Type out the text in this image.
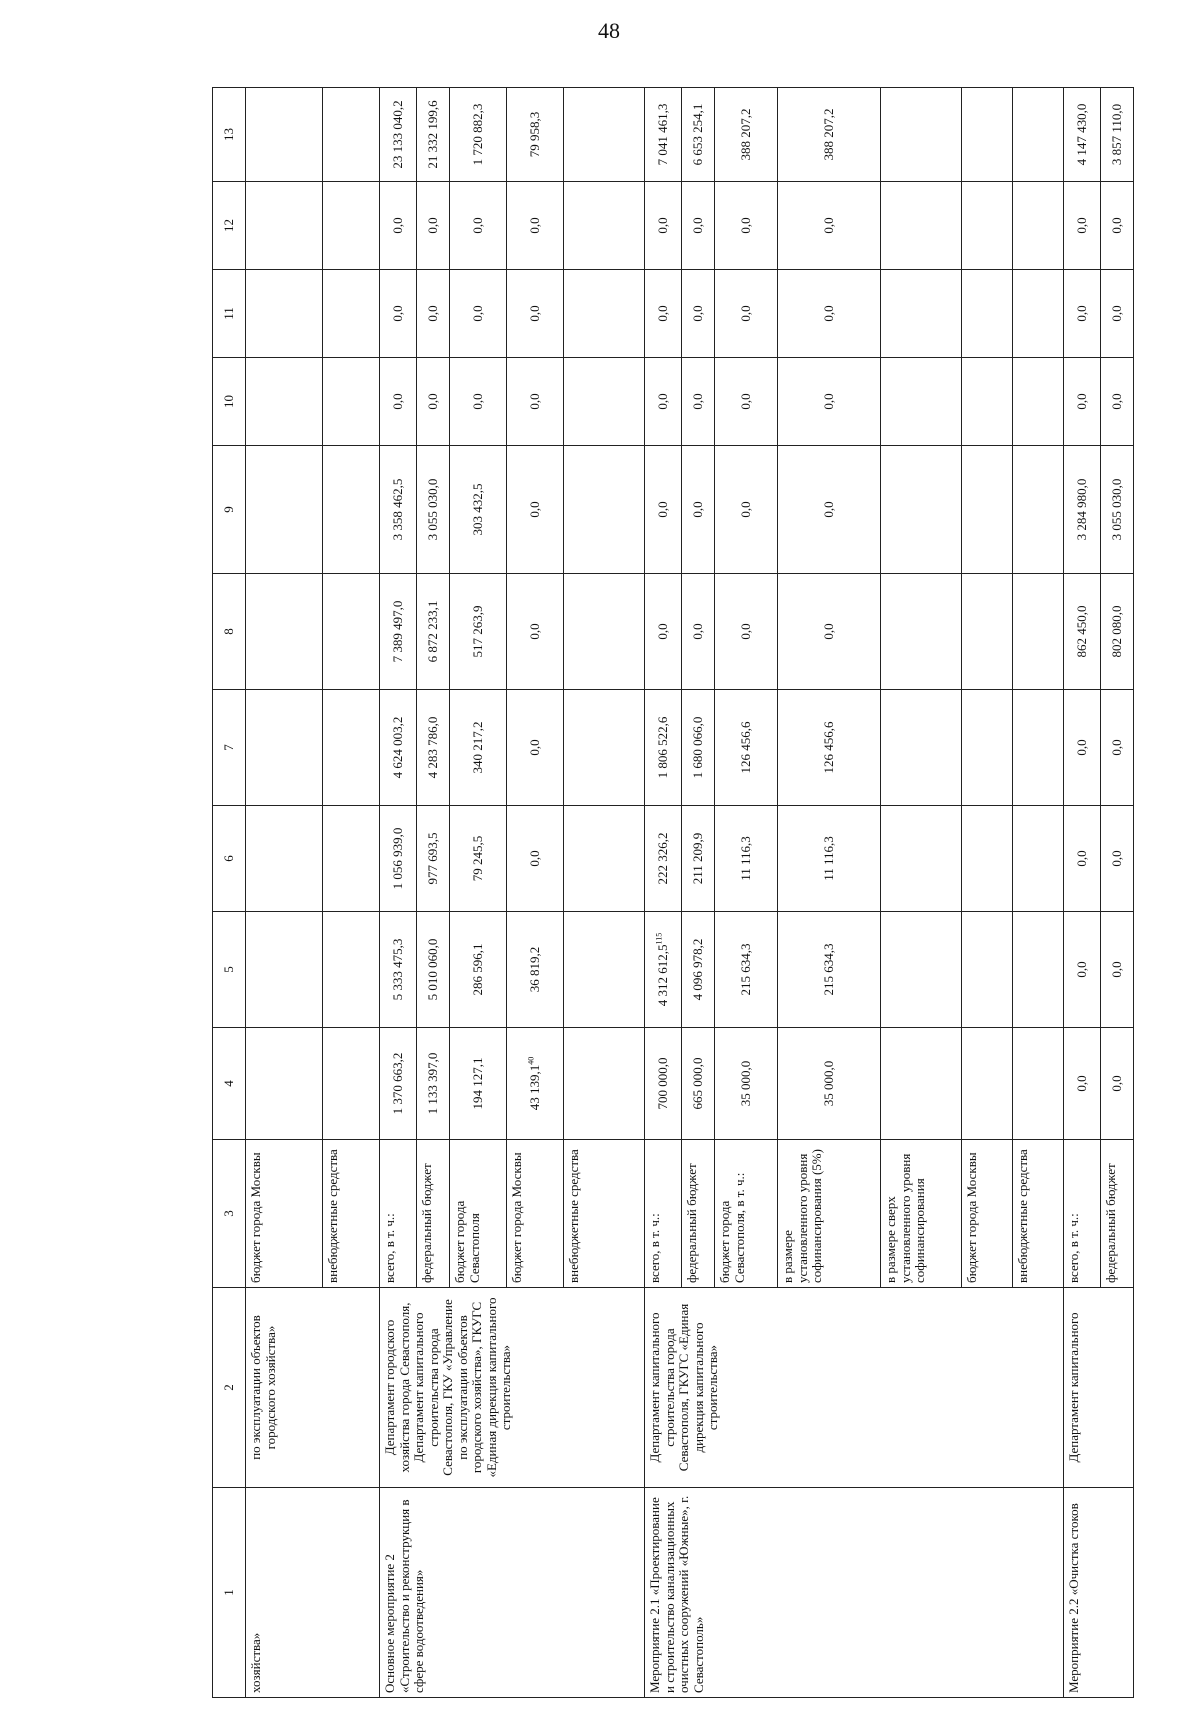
48
1	2	3	4	5	6	7	8	9	10	11	12	13
хозяйства»	по эксплуатации объектов городского хозяйства»	бюджет города Москвы										
		внебюджетные средства										
Основное мероприятие 2 «Строительство и реконструкция в сфере водоотведения»	Департамент городского хозяйства города Севастополя, Департамент капитального строительства города Севастополя, ГКУ «Управление по эксплуатации объектов городского хозяйства», ГКУГС «Единая дирекция капитального строительства»	всего, в т. ч.:	1 370 663,2	5 333 475,3	1 056 939,0	4 624 003,2	7 389 497,0	3 358 462,5	0,0	0,0	0,0	23 133 040,2
		федеральный бюджет	1 133 397,0	5 010 060,0	977 693,5	4 283 786,0	6 872 233,1	3 055 030,0	0,0	0,0	0,0	21 332 199,6
		бюджет города Севастополя	194 127,1	286 596,1	79 245,5	340 217,2	517 263,9	303 432,5	0,0	0,0	0,0	1 720 882,3
		бюджет города Москвы	43 139,1$^{40}$	36 819,2	0,0	0,0	0,0	0,0	0,0	0,0	0,0	79 958,3
		внебюджетные средства										
Мероприятие 2.1 «Проектирование и строительство канализационных очистных сооружений «Южные», г. Севастополь»	Департамент капитального строительства города Севастополя, ГКУГС «Единая дирекция капитального строительства»	всего, в т. ч.:	700 000,0	4 312 612,5$^{115}$	222 326,2	1 806 522,6	0,0	0,0	0,0	0,0	0,0	7 041 461,3
		федеральный бюджет	665 000,0	4 096 978,2	211 209,9	1 680 066,0	0,0	0,0	0,0	0,0	0,0	6 653 254,1
		бюджет города Севастополя, в т. ч.:	35 000,0	215 634,3	11 116,3	126 456,6	0,0	0,0	0,0	0,0	0,0	388 207,2
		в размере установленного уровня софинансирования (5%)	35 000,0	215 634,3	11 116,3	126 456,6	0,0	0,0	0,0	0,0	0,0	388 207,2
		в размере сверх установленного уровня софинансирования										
		бюджет города Москвы										
		внебюджетные средства										
Мероприятие 2.2 «Очистка стоков	Департамент капитального	всего, в т. ч.:	0,0	0,0	0,0	0,0	862 450,0	3 284 980,0	0,0	0,0	0,0	4 147 430,0
		федеральный бюджет	0,0	0,0	0,0	0,0	802 080,0	3 055 030,0	0,0	0,0	0,0	3 857 110,0
